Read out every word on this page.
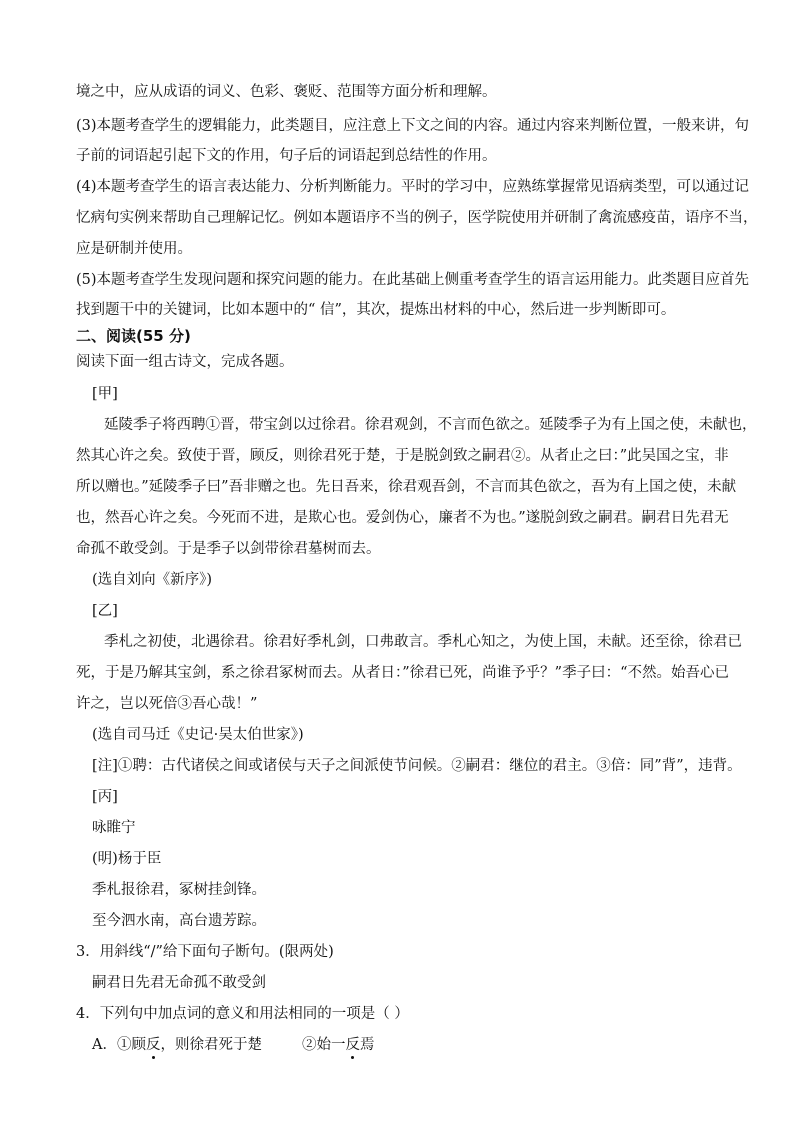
境之中，应从成语的词义、色彩、褒贬、范围等方面分析和理解。
(3)本题考查学生的逻辑能力，此类题目，应注意上下文之间的内容。通过内容来判断位置，一般来讲，句
子前的词语起引起下文的作用，句子后的词语起到总结性的作用。
(4)本题考查学生的语言表达能力、分析判断能力。平时的学习中，应熟练掌握常见语病类型，可以通过记
忆病句实例来帮助自己理解记忆。例如本题语序不当的例子，医学院使用并研制了禽流感疫苗，语序不当，
应是研制并使用。
(5)本题考查学生发现问题和探究问题的能力。在此基础上侧重考查学生的语言运用能力。此类题目应首先
找到题干中的关键词，比如本题中的“ 信”，其次，提炼出材料的中心，然后进一步判断即可。
二、阅读(55 分)
阅读下面一组古诗文，完成各题。
[甲]
延陵季子将西聘①晋，带宝剑以过徐君。徐君观剑，不言而色欲之。延陵季子为有上国之使，未献也，
然其心许之矣。致使于晋，顾反，则徐君死于楚，于是脱剑致之嗣君②。从者止之曰：”此吴国之宝，非
所以赠也。”延陵季子曰”吾非赠之也。先日吾来，徐君观吾剑，不言而其色欲之，吾为有上国之使，未献
也，然吾心许之矣。今死而不进，是欺心也。爱剑伪心，廉者不为也。”遂脱剑致之嗣君。嗣君日先君无
命孤不敢受剑。于是季子以剑带徐君墓树而去。
(选自刘向《新序》)
[乙]
季札之初使，北遇徐君。徐君好季札剑，口弗敢言。季札心知之，为使上国，未献。还至徐，徐君已
死，于是乃解其宝剑，系之徐君冢树而去。从者日：”徐君已死，尚谁予乎？”季子曰：“不然。始吾心已
许之，岂以死倍③吾心哉！”
(选自司马迁《史记·吴太伯世家》)
[注]①聘：古代诸侯之间或诸侯与天子之间派使节问候。②嗣君：继位的君主。③倍：同”背”，违背。
[丙]
咏睢宁
(明)杨于臣
季札报徐君，冢树挂剑锋。
至今泗水南，高台遗芳踪。
3．用斜线“/”给下面句子断句。(限两处)
嗣君日先君无命孤不敢受剑
4．下列句中加点词的意义和用法相同的一项是（ ）
A．①顾反，则徐君死于楚	②始一反焉
